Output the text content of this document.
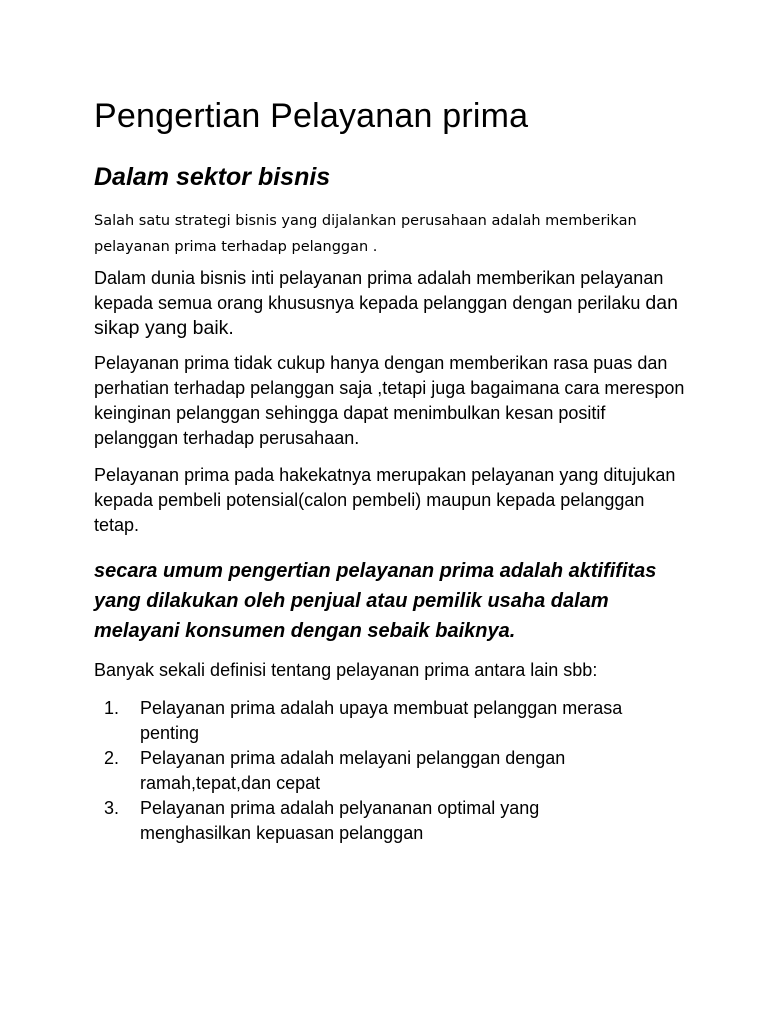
Pengertian Pelayanan prima
Dalam sektor bisnis

Salah satu strategi bisnis yang dijalankan perusahaan adalah memberikan pelayanan prima terhadap pelanggan .

Dalam dunia bisnis inti pelayanan prima adalah memberikan pelayanan kepada semua orang khususnya kepada pelanggan dengan perilaku dan sikap yang baik.

Pelayanan prima tidak cukup hanya dengan memberikan rasa puas dan perhatian terhadap pelanggan saja ,tetapi juga bagaimana cara merespon keinginan pelanggan sehingga dapat menimbulkan kesan positif pelanggan terhadap perusahaan.

Pelayanan prima pada hakekatnya merupakan pelayanan yang ditujukan kepada pembeli potensial(calon pembeli) maupun kepada pelanggan tetap.

secara umum pengertian pelayanan prima adalah aktififitas yang dilakukan oleh penjual atau pemilik usaha dalam melayani konsumen dengan sebaik baiknya.

Banyak sekali definisi tentang pelayanan prima antara lain sbb:

1. Pelayanan prima adalah upaya membuat pelanggan merasa penting
2. Pelayanan prima adalah melayani pelanggan dengan ramah,tepat,dan cepat
3. Pelayanan prima adalah pelyananan optimal yang menghasilkan kepuasan pelanggan
